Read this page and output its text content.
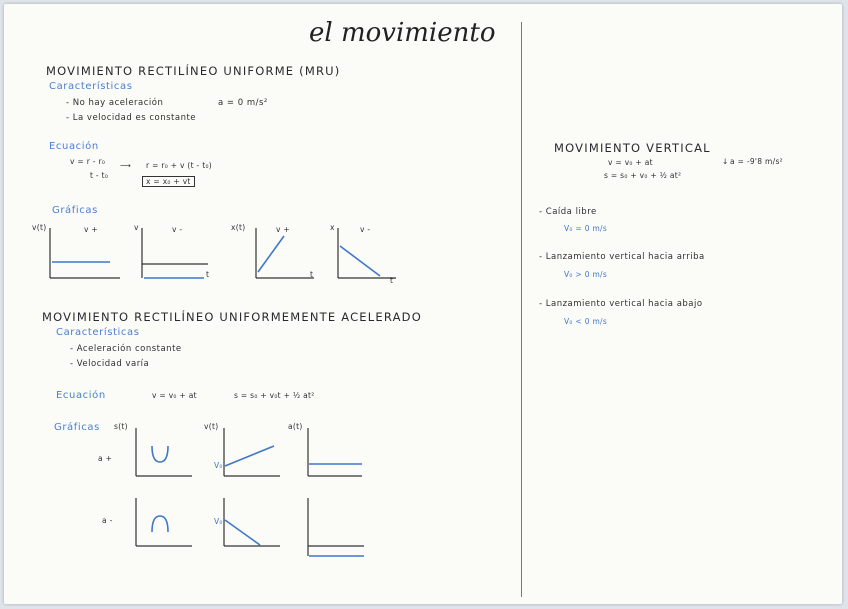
el movimiento
MOVIMIENTO RECTILÍNEO UNIFORME (MRU)
Características
- No hay aceleración	a = 0 m/s²
- La velocidad es constante
Ecuación
v = r - r₀
t - t₀
⟶ r = r₀ + v (t - t₀)
x = x₀ + vt
Gráficas
v(t)	v +	v	v -
t
x(t)	v +
t
x	v -
t
MOVIMIENTO RECTILÍNEO UNIFORMEMENTE ACELERADO
Características
- Aceleración constante
- Velocidad varía
Ecuación	v = v₀ + at	s = s₀ + v₀t + ½ at²
Gráficas s(t)	v(t)	a(t)
a +
a -
V₀
V₀
MOVIMIENTO VERTICAL
v = v₀ + at
s = s₀ + v₀ + ½ at²
↓ a = -9'8 m/s²
- Caída libre
V₀ = 0 m/s
- Lanzamiento vertical hacia arriba
V₀ > 0 m/s
- Lanzamiento vertical hacia abajo
V₀ < 0 m/s
